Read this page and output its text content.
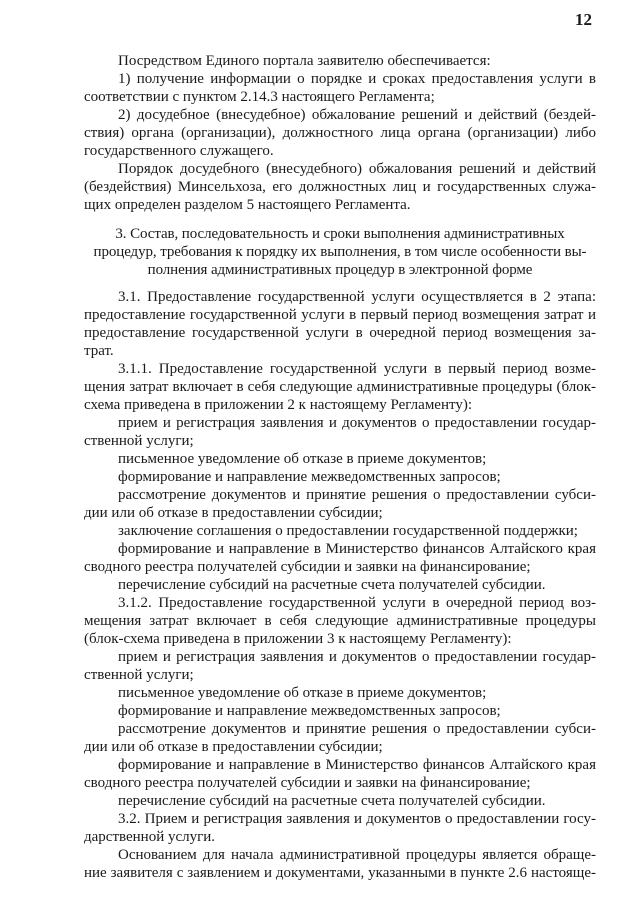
12
Посредством Единого портала заявителю обеспечивается:
1) получение информации о порядке и сроках предоставления услуги в
соответствии с пунктом 2.14.3 настоящего Регламента;
2) досудебное (внесудебное) обжалование решений и действий (бездей-
ствия) органа (организации), должностного лица органа (организации) либо
государственного служащего.
Порядок досудебного (внесудебного) обжалования решений и действий
(бездействия) Минсельхоза, его должностных лиц и государственных служа-
щих определен разделом 5 настоящего Регламента.
3. Состав, последовательность и сроки выполнения административных
процедур, требования к порядку их выполнения, в том числе особенности вы-
полнения административных процедур в электронной форме
3.1. Предоставление государственной услуги осуществляется в 2 этапа:
предоставление государственной услуги в первый период возмещения затрат и
предоставление государственной услуги в очередной период возмещения за-
трат.
3.1.1. Предоставление государственной услуги в первый период возме-
щения затрат включает в себя следующие административные процедуры (блок-
схема приведена в приложении 2 к настоящему Регламенту):
прием и регистрация заявления и документов о предоставлении государ-
ственной услуги;
письменное уведомление об отказе в приеме документов;
формирование и направление межведомственных запросов;
рассмотрение документов и принятие решения о предоставлении субси-
дии или об отказе в предоставлении субсидии;
заключение соглашения о предоставлении государственной поддержки;
формирование и направление в Министерство финансов Алтайского края
сводного реестра получателей субсидии и заявки на финансирование;
перечисление субсидий на расчетные счета получателей субсидии.
3.1.2. Предоставление государственной услуги в очередной период воз-
мещения затрат включает в себя следующие административные процедуры
(блок-схема приведена в приложении 3 к настоящему Регламенту):
прием и регистрация заявления и документов о предоставлении государ-
ственной услуги;
письменное уведомление об отказе в приеме документов;
формирование и направление межведомственных запросов;
рассмотрение документов и принятие решения о предоставлении субси-
дии или об отказе в предоставлении субсидии;
формирование и направление в Министерство финансов Алтайского края
сводного реестра получателей субсидии и заявки на финансирование;
перечисление субсидий на расчетные счета получателей субсидии.
3.2. Прием и регистрация заявления и документов о предоставлении госу-
дарственной услуги.
Основанием для начала административной процедуры является обраще-
ние заявителя с заявлением и документами, указанными в пункте 2.6 настояще-
